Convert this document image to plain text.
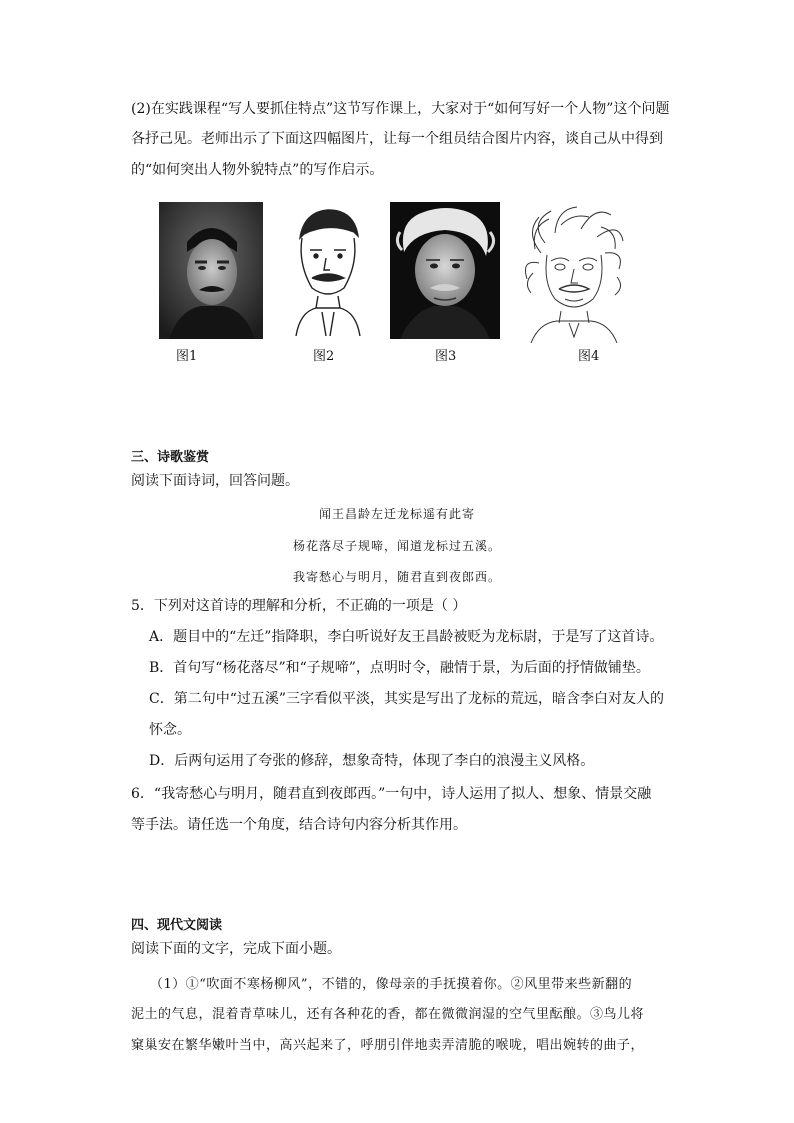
(2)在实践课程“写人要抓住特点”这节写作课上，大家对于“如何写好一个人物”这个问题
各抒己见。老师出示了下面这四幅图片，让每一个组员结合图片内容，谈自己从中得到
的“如何突出人物外貌特点”的写作启示。
图1	图2	图3	图4
三、诗歌鉴赏
阅读下面诗词，回答问题。
闻王昌龄左迁龙标遥有此寄
杨花落尽子规啼，闻道龙标过五溪。
我寄愁心与明月，随君直到夜郎西。
5．下列对这首诗的理解和分析，不正确的一项是（ ）
A．题目中的“左迁”指降职，李白听说好友王昌龄被贬为龙标尉，于是写了这首诗。
B．首句写“杨花落尽”和“子规啼”，点明时令，融情于景，为后面的抒情做铺垫。
C．第二句中“过五溪”三字看似平淡，其实是写出了龙标的荒远，暗含李白对友人的
怀念。
D．后两句运用了夸张的修辞，想象奇特，体现了李白的浪漫主义风格。
6．“我寄愁心与明月，随君直到夜郎西。”一句中，诗人运用了拟人、想象、情景交融
等手法。请任选一个角度，结合诗句内容分析其作用。
四、现代文阅读
阅读下面的文字，完成下面小题。
（1）①“吹面不寒杨柳风”，不错的，像母亲的手抚摸着你。②风里带来些新翻的
泥土的气息，混着青草味儿，还有各种花的香，都在微微润湿的空气里酝酿。③鸟儿将
窠巢安在繁华嫩叶当中，高兴起来了，呼朋引伴地卖弄清脆的喉咙，唱出婉转的曲子，
